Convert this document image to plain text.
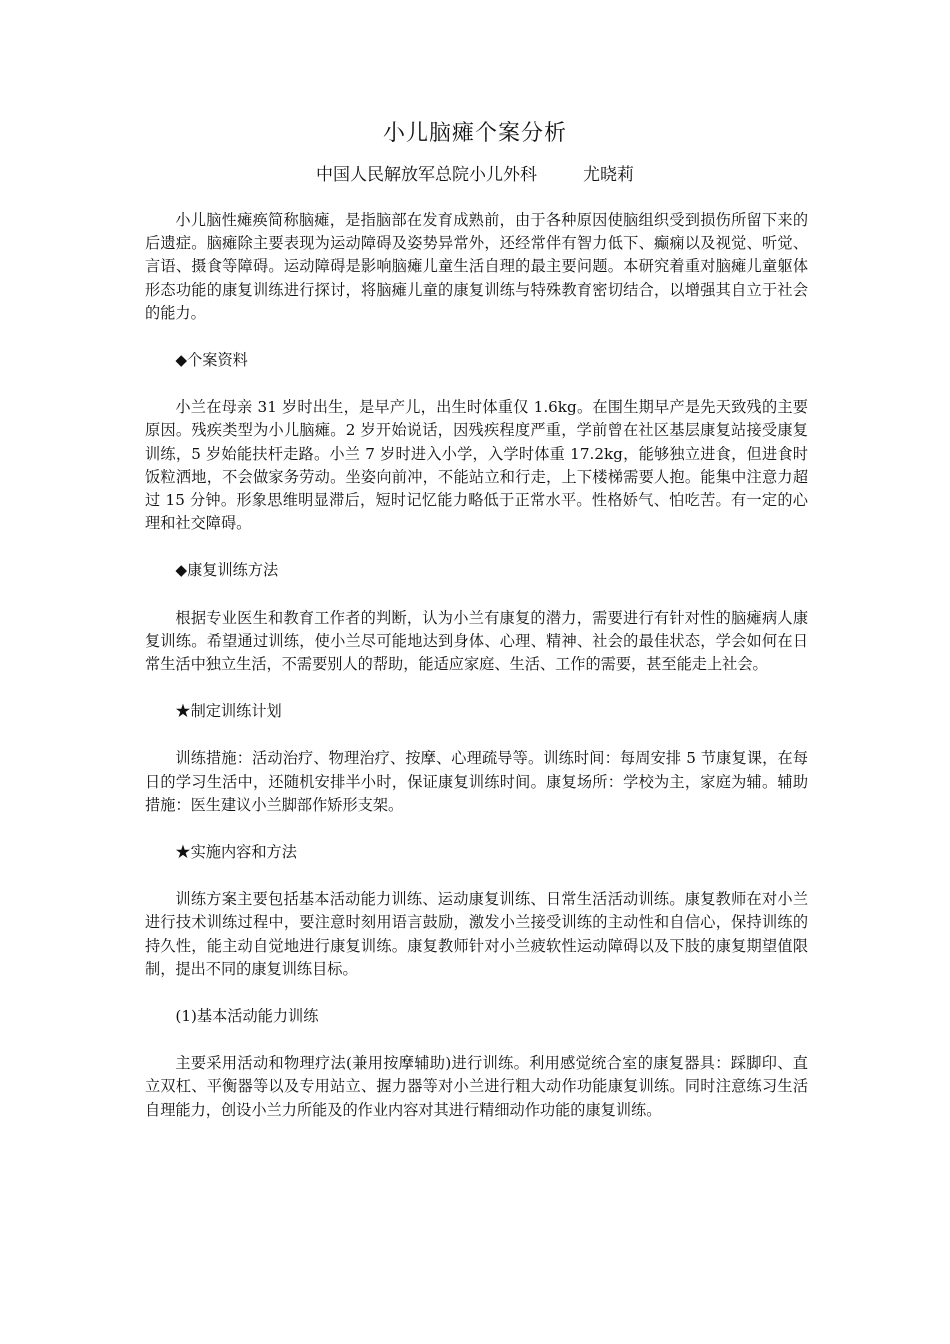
小儿脑瘫个案分析
中国人民解放军总院小儿外科	尤晓莉

小儿脑性瘫痪简称脑瘫，是指脑部在发育成熟前，由于各种原因使脑组织受到损伤所留下来的后遗症。脑瘫除主要表现为运动障碍及姿势异常外，还经常伴有智力低下、癫痫以及视觉、听觉、言语、摄食等障碍。运动障碍是影响脑瘫儿童生活自理的最主要问题。本研究着重对脑瘫儿童躯体形态功能的康复训练进行探讨，将脑瘫儿童的康复训练与特殊教育密切结合，以增强其自立于社会的能力。

◆个案资料

小兰在母亲 31 岁时出生，是早产儿，出生时体重仅 1.6kg。在围生期早产是先天致残的主要原因。残疾类型为小儿脑瘫。2 岁开始说话，因残疾程度严重，学前曾在社区基层康复站接受康复训练，5 岁始能扶杆走路。小兰 7 岁时进入小学，入学时体重 17.2kg，能够独立进食，但进食时饭粒洒地，不会做家务劳动。坐姿向前冲，不能站立和行走，上下楼梯需要人抱。能集中注意力超过 15 分钟。形象思维明显滞后，短时记忆能力略低于正常水平。性格娇气、怕吃苦。有一定的心理和社交障碍。

◆康复训练方法

根据专业医生和教育工作者的判断，认为小兰有康复的潜力，需要进行有针对性的脑瘫病人康复训练。希望通过训练，使小兰尽可能地达到身体、心理、精神、社会的最佳状态，学会如何在日常生活中独立生活，不需要别人的帮助，能适应家庭、生活、工作的需要，甚至能走上社会。

★制定训练计划

训练措施：活动治疗、物理治疗、按摩、心理疏导等。训练时间：每周安排 5 节康复课，在每日的学习生活中，还随机安排半小时，保证康复训练时间。康复场所：学校为主，家庭为辅。辅助措施：医生建议小兰脚部作矫形支架。

★实施内容和方法

训练方案主要包括基本活动能力训练、运动康复训练、日常生活活动训练。康复教师在对小兰进行技术训练过程中，要注意时刻用语言鼓励，激发小兰接受训练的主动性和自信心，保持训练的持久性，能主动自觉地进行康复训练。康复教师针对小兰疲软性运动障碍以及下肢的康复期望值限制，提出不同的康复训练目标。

(1)基本活动能力训练

主要采用活动和物理疗法(兼用按摩辅助)进行训练。利用感觉统合室的康复器具：踩脚印、直立双杠、平衡器等以及专用站立、握力器等对小兰进行粗大动作功能康复训练。同时注意练习生活自理能力，创设小兰力所能及的作业内容对其进行精细动作功能的康复训练。
